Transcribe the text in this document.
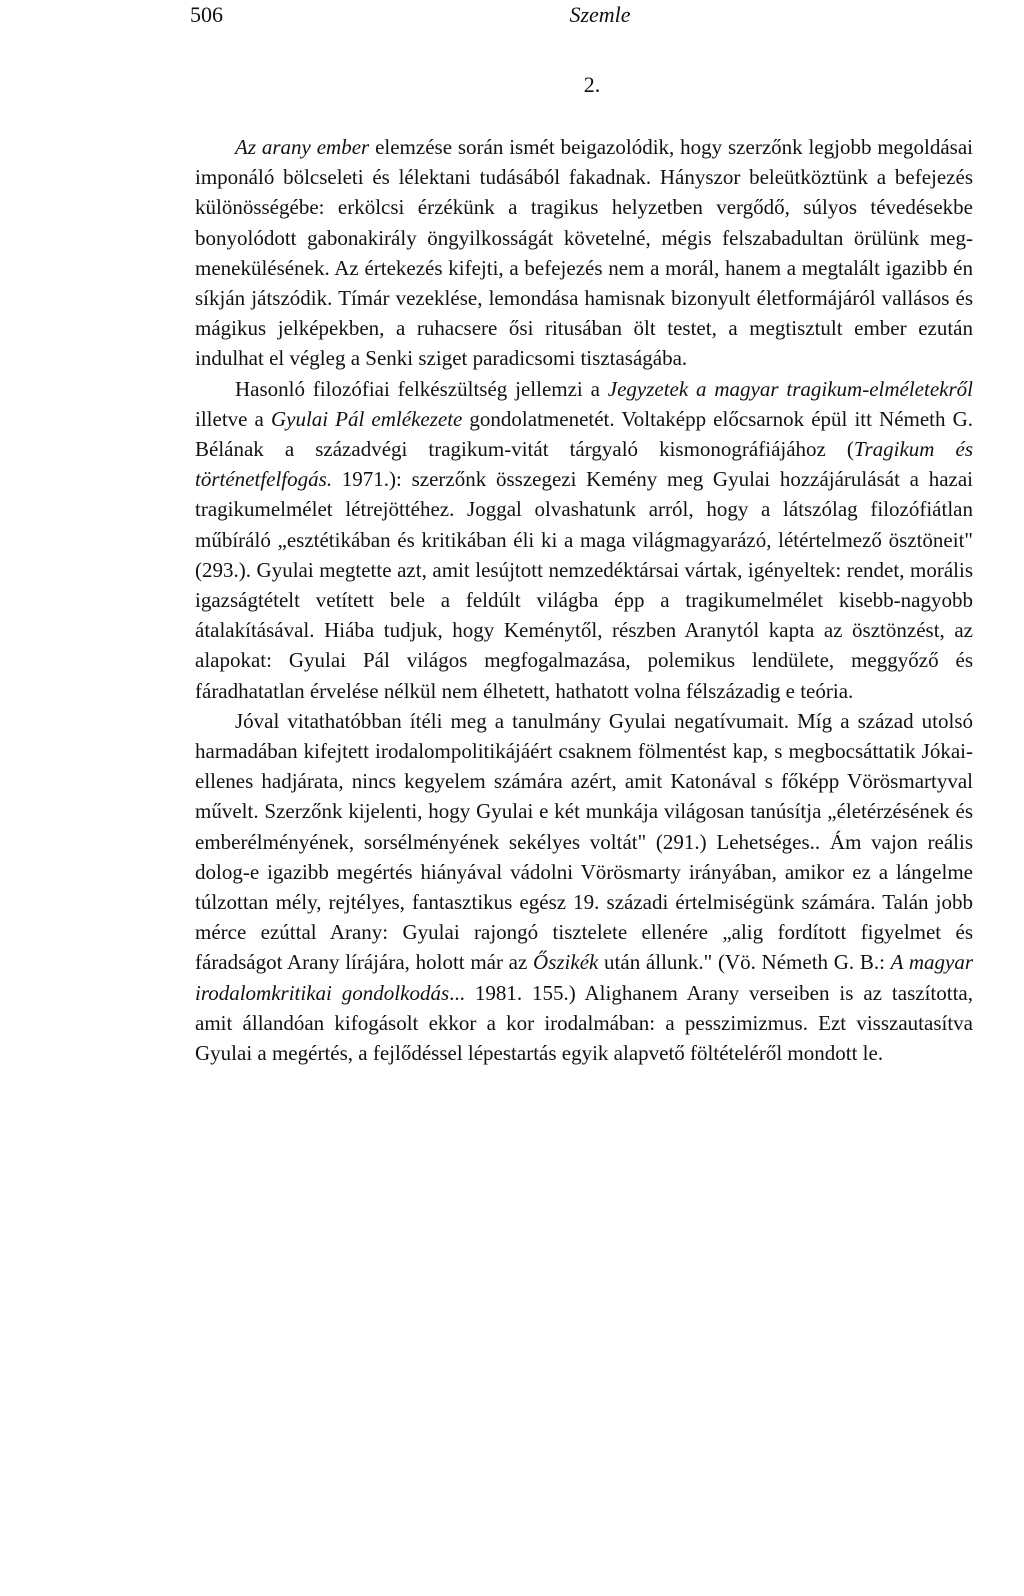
506	Szemle
2.

Az arany ember elemzése során ismét beigazolódik, hogy szerzőnk legjobb megoldásai imponáló bölcseleti és lélektani tudásából fakadnak. Hányszor beleütköztünk a befejezés különösségébe: erkölcsi érzékünk a tragikus helyzetben vergődő, súlyos tévedésekbe bonyolódott gabonakirály öngyilkosságát követelné, mégis felszabadultan örülünk megmenekülésének. Az értekezés kifejti, a befejezés nem a morál, hanem a megtalált igazibb én síkján játszódik. Tímár vezeklése, lemondása hamisnak bizonyult életformájáról vallásos és mágikus jelképekben, a ruhacsere ősi ritusában ölt testet, a megtisztult ember ezután indulhat el végleg a Senki sziget paradicsomi tisztaságába.

Hasonló filozófiai felkészültség jellemzi a Jegyzetek a magyar tragikum-elméletekről illetve a Gyulai Pál emlékezete gondolatmenetét. Voltaképp előcsarnok épül itt Németh G. Bélának a századvégi tragikum-vitát tárgyaló kismonográfiájához (Tragikum és történetfelfogás. 1971.): szerzőnk összegezi Kemény meg Gyulai hozzájárulását a hazai tragikumelmélet létrejöttéhez. Joggal olvashatunk arról, hogy a látszólag filozófiátlan műbíráló „esztétikában és kritikában éli ki a maga világmagyarázó, létértelmező ösztöneit" (293.). Gyulai megtette azt, amit lesújtott nemzedéktársai vártak, igényeltek: rendet, morális igazságtételt vetített bele a feldúlt világba épp a tragikumelmélet kisebb-nagyobb átalakításával. Hiába tudjuk, hogy Keménytől, részben Aranytól kapta az ösztönzést, az alapokat: Gyulai Pál világos megfogalmazása, polemikus lendülete, meggyőző és fáradhatatlan érvelése nélkül nem élhetett, hathatott volna félszázadig e teória.

Jóval vitathatóbban ítéli meg a tanulmány Gyulai negatívumait. Míg a század utolsó harmadában kifejtett irodalompolitikájáért csaknem fölmentést kap, s megbocsáttatik Jókai-ellenes hadjárata, nincs kegyelem számára azért, amit Katonával s főképp Vörösmartyval művelt. Szerzőnk kijelenti, hogy Gyulai e két munkája világosan tanúsítja „életérzésének és emberélményének, sorsélményének sekélyes voltát" (291.) Lehetséges.. Ám vajon reális dolog-e igazibb megértés hiányával vádolni Vörösmarty irányában, amikor ez a lángelme túlzottan mély, rejtélyes, fantasztikus egész 19. századi értelmiségünk számára. Talán jobb mérce ezúttal Arany: Gyulai rajongó tisztelete ellenére „alig fordított figyelmet és fáradságot Arany lírájára, holott már az Őszikék után állunk." (Vö. Németh G. B.: A magyar irodalomkritikai gondolkodás... 1981. 155.) Alighanem Arany verseiben is az taszította, amit állandóan kifogásolt ekkor a kor irodalmában: a pesszimizmus. Ezt visszautasítva Gyulai a megértés, a fejlődéssel lépestartás egyik alapvető föltételéről mondott le.
